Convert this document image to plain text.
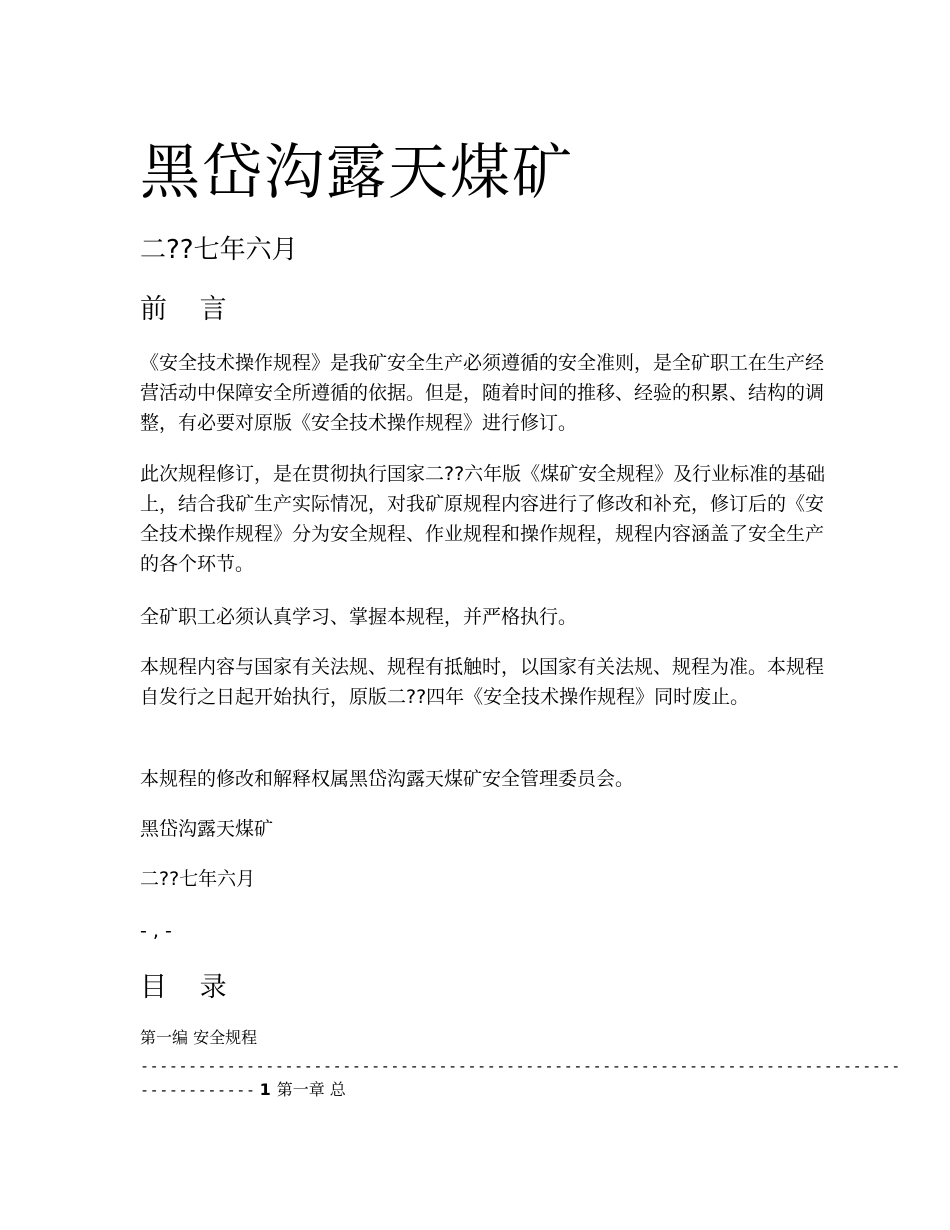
黑岱沟露天煤矿
二??七年六月
前 言
《安全技术操作规程》是我矿安全生产必须遵循的安全准则，是全矿职工在生产经营活动中保障安全所遵循的依据。但是，随着时间的推移、经验的积累、结构的调整，有必要对原版《安全技术操作规程》进行修订。
此次规程修订，是在贯彻执行国家二??六年版《煤矿安全规程》及行业标准的基础上，结合我矿生产实际情况，对我矿原规程内容进行了修改和补充，修订后的《安全技术操作规程》分为安全规程、作业规程和操作规程，规程内容涵盖了安全生产的各个环节。
全矿职工必须认真学习、掌握本规程，并严格执行。
本规程内容与国家有关法规、规程有抵触时，以国家有关法规、规程为准。本规程自发行之日起开始执行，原版二??四年《安全技术操作规程》同时废止。
本规程的修改和解释权属黑岱沟露天煤矿安全管理委员会。
黑岱沟露天煤矿
二??七年六月
- , -
目 录
第一编 安全规程
-------------------------------------------------------------------------------
------------ 1 第一章 总
